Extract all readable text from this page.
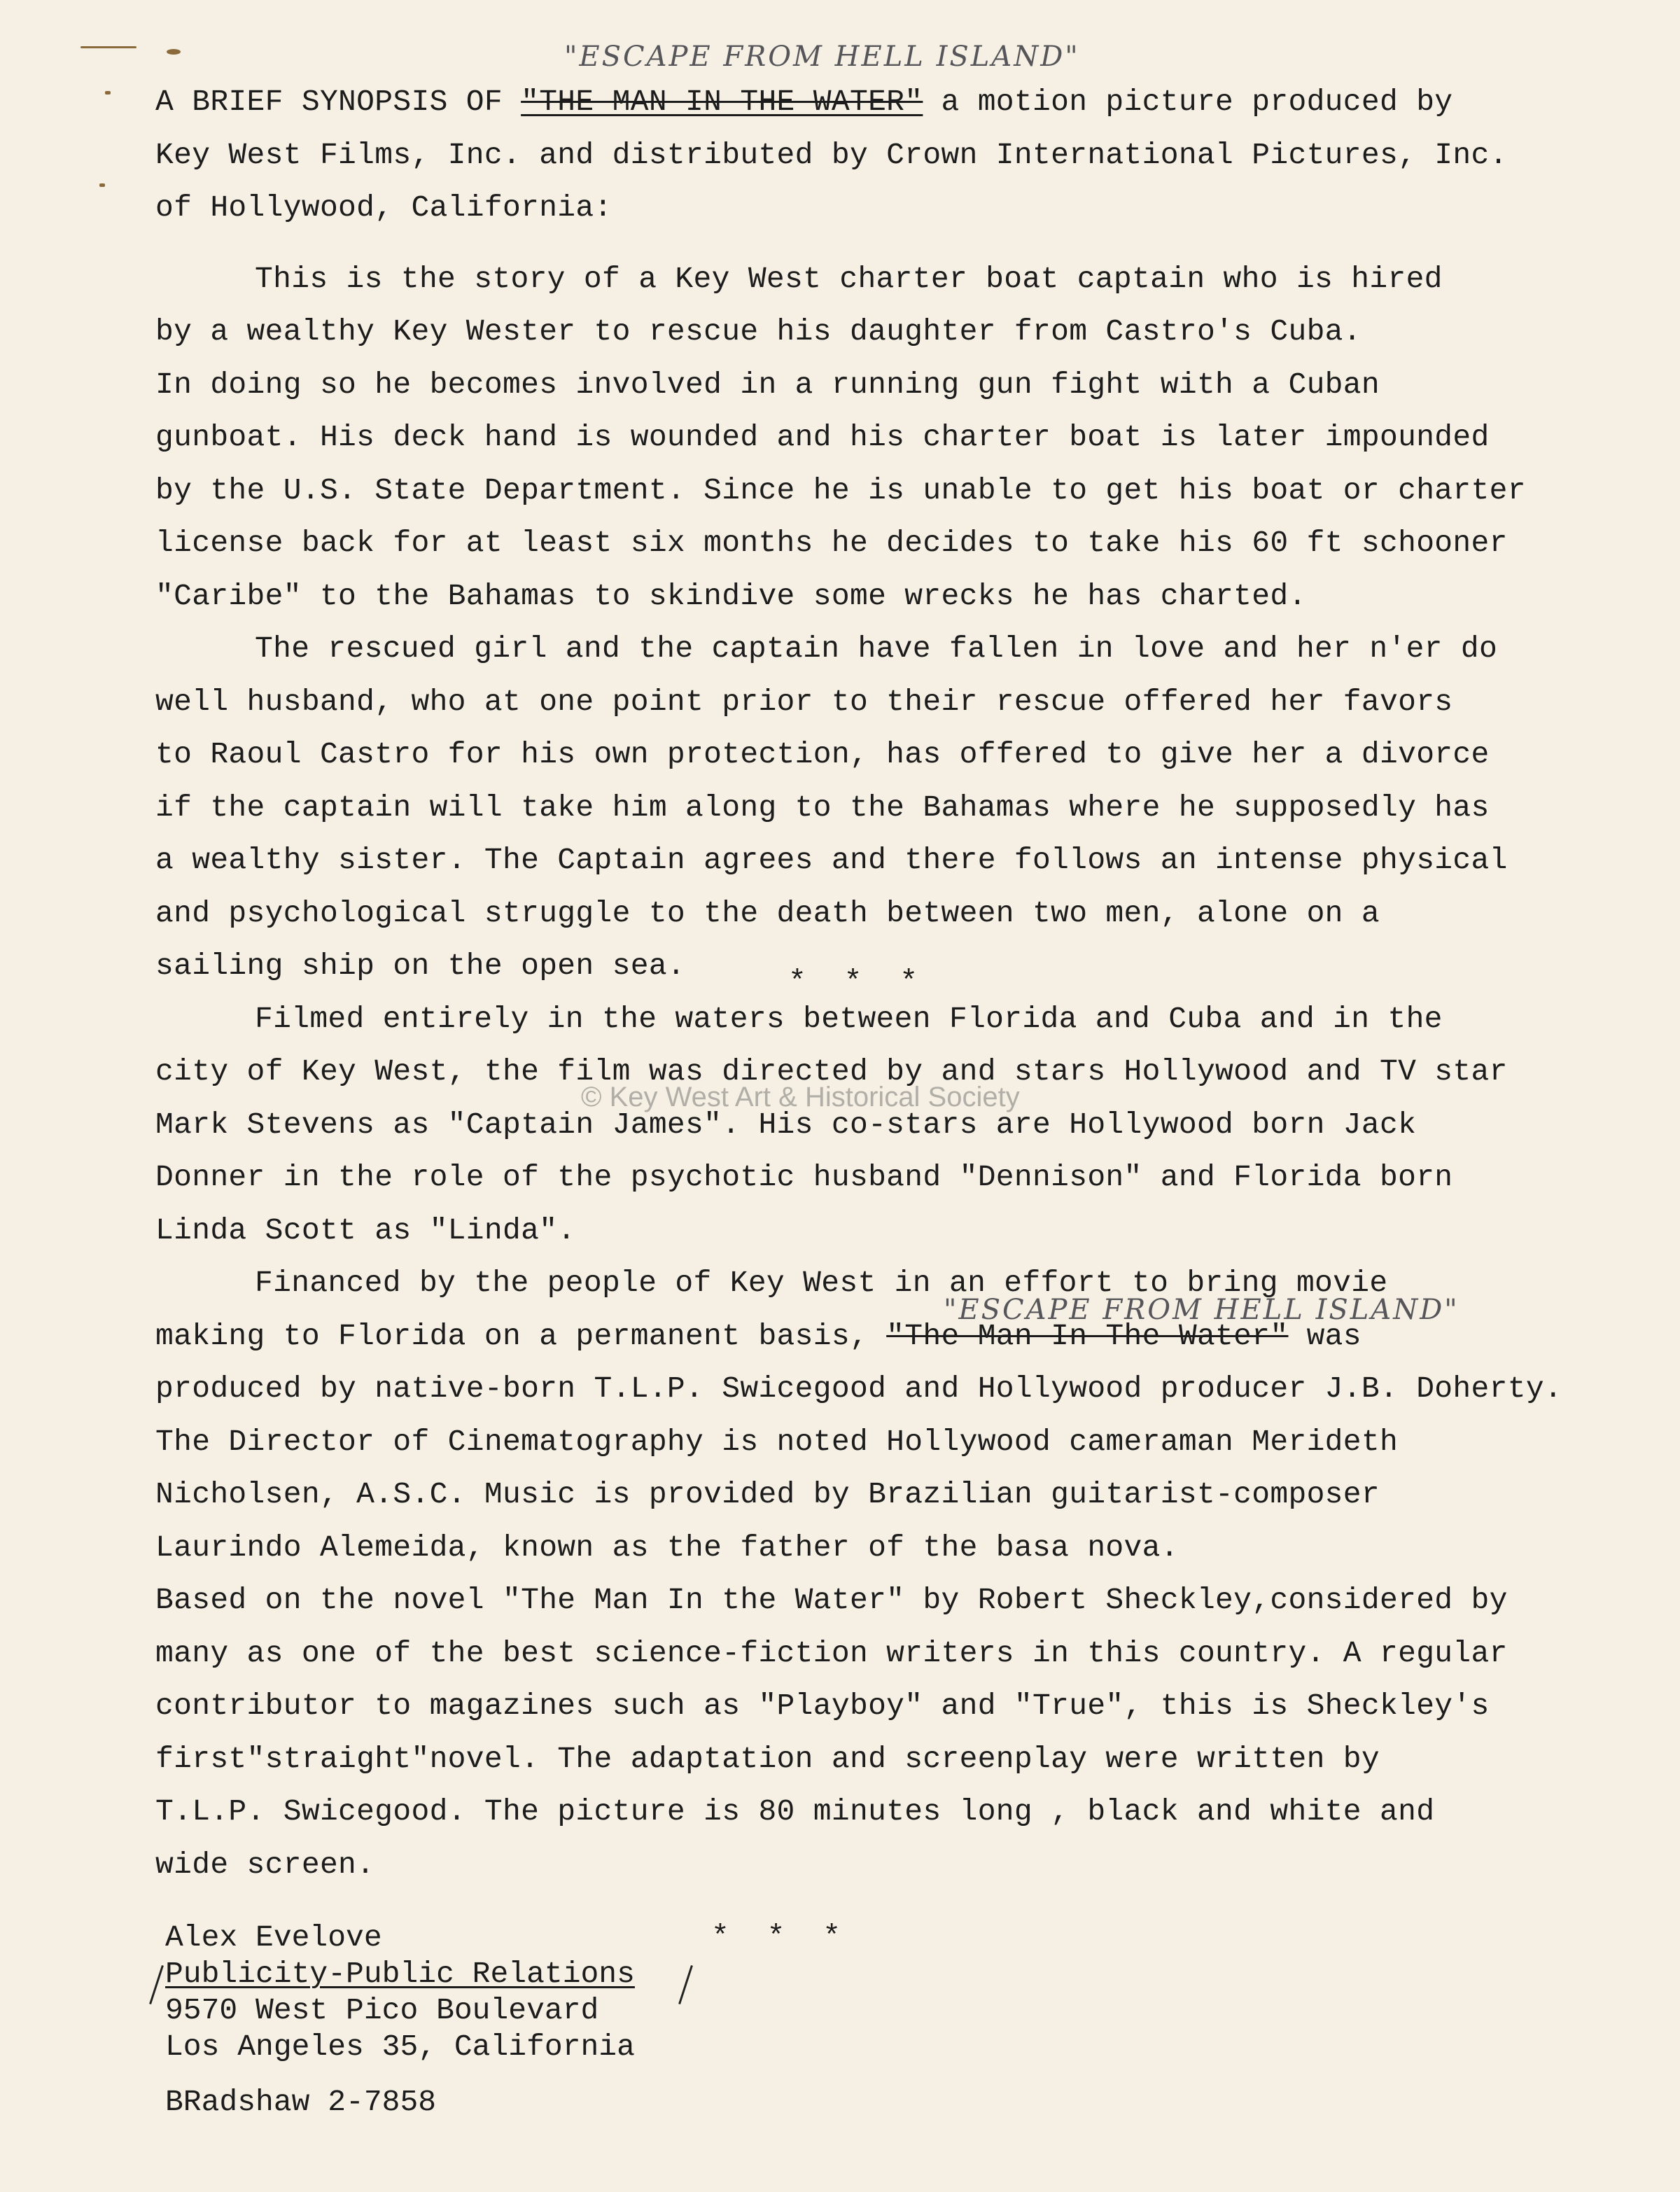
"ESCAPE FROM HELL ISLAND"
A BRIEF SYNOPSIS OF "THE MAN IN THE WATER" a motion picture produced by
Key West Films, Inc. and distributed by Crown International Pictures, Inc.
of Hollywood, California:
This is the story of a Key West charter boat captain who is hired
by a wealthy Key Wester to rescue his daughter from Castro's Cuba.
In doing so he becomes involved in a running gun fight with a Cuban
gunboat. His deck hand is wounded and his charter boat is later impounded
by the U.S. State Department. Since he is unable to get his boat or charter
license back for at least six months he decides to take his 60 ft schooner
"Caribe" to the Bahamas to skindive some wrecks he has charted.
The rescued girl and the captain have fallen in love and her n'er do
well husband, who at one point prior to their rescue offered her favors
to Raoul Castro for his own protection, has offered to give her a divorce
if the captain will take him along to the Bahamas where he supposedly has
a wealthy sister. The Captain agrees and there follows an intense physical
and psychological struggle to the death between two men, alone on a
sailing ship on the open sea.
Filmed entirely in the waters between Florida and Cuba and in the
city of Key West, the film was directed by and stars Hollywood and TV star
Mark Stevens as "Captain James". His co-stars are Hollywood born Jack
Donner in the role of the psychotic husband "Dennison" and Florida born
Linda Scott as "Linda".
Financed by the people of Key West in an effort to bring movie
making to Florida on a permanent basis, "The Man In The Water" was
produced by native-born T.L.P. Swicegood and Hollywood producer J.B. Doherty.
The Director of Cinematography is noted Hollywood cameraman Merideth
Nicholsen, A.S.C. Music is provided by Brazilian guitarist-composer
Laurindo Alemeida, known as the father of the basa nova.
Based on the novel "The Man In the Water" by Robert Sheckley,considered by
many as one of the best science-fiction writers in this country. A regular
contributor to magazines such as "Playboy" and "True", this is Sheckley's
first"straight"novel. The adaptation and screenplay were written by
T.L.P. Swicegood. The picture is 80 minutes long , black and white and
wide screen.
* * *
* * *
"ESCAPE FROM HELL ISLAND"
© Key West Art & Historical Society
Alex Evelove
Publicity-Public Relations
9570 West Pico Boulevard
Los Angeles 35, California
BRadshaw 2-7858
